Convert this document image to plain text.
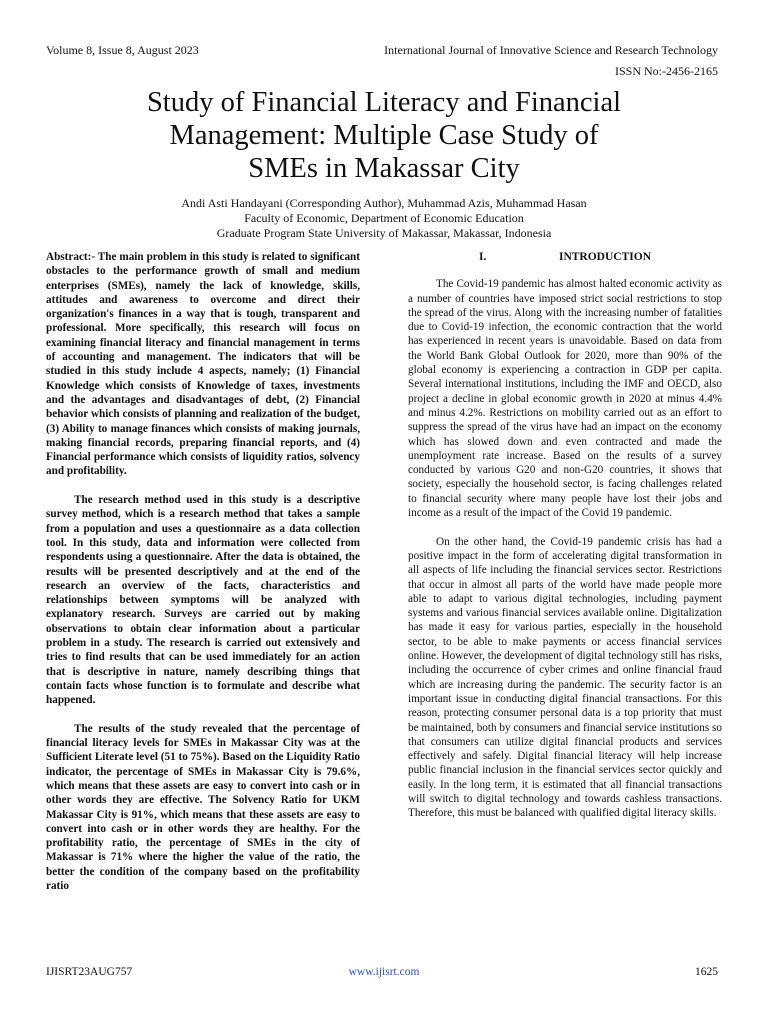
Volume 8, Issue 8, August 2023	International Journal of Innovative Science and Research Technology
ISSN No:-2456-2165
Study of Financial Literacy and Financial
Management: Multiple Case Study of
SMEs in Makassar City
Andi Asti Handayani (Corresponding Author), Muhammad Azis, Muhammad Hasan
Faculty of Economic, Department of Economic Education
Graduate Program State University of Makassar, Makassar, Indonesia

Abstract:- The main problem in this study is related to significant obstacles to the performance growth of small and medium enterprises (SMEs), namely the lack of knowledge, skills, attitudes and awareness to overcome and direct their organization's finances in a way that is tough, transparent and professional. More specifically, this research will focus on examining financial literacy and financial management in terms of accounting and management. The indicators that will be studied in this study include 4 aspects, namely; (1) Financial Knowledge which consists of Knowledge of taxes, investments and the advantages and disadvantages of debt, (2) Financial behavior which consists of planning and realization of the budget, (3) Ability to manage finances which consists of making journals, making financial records, preparing financial reports, and (4) Financial performance which consists of liquidity ratios, solvency and profitability.

The research method used in this study is a descriptive survey method, which is a research method that takes a sample from a population and uses a questionnaire as a data collection tool. In this study, data and information were collected from respondents using a questionnaire. After the data is obtained, the results will be presented descriptively and at the end of the research an overview of the facts, characteristics and relationships between symptoms will be analyzed with explanatory research. Surveys are carried out by making observations to obtain clear information about a particular problem in a study. The research is carried out extensively and tries to find results that can be used immediately for an action that is descriptive in nature, namely describing things that contain facts whose function is to formulate and describe what happened.

The results of the study revealed that the percentage of financial literacy levels for SMEs in Makassar City was at the Sufficient Literate level (51 to 75%). Based on the Liquidity Ratio indicator, the percentage of SMEs in Makassar City is 79.6%, which means that these assets are easy to convert into cash or in other words they are effective. The Solvency Ratio for UKM Makassar City is 91%, which means that these assets are easy to convert into cash or in other words they are healthy. For the profitability ratio, the percentage of SMEs in the city of Makassar is 71% where the higher the value of the ratio, the better the condition of the company based on the profitability ratio

I.	INTRODUCTION

The Covid-19 pandemic has almost halted economic activity as a number of countries have imposed strict social restrictions to stop the spread of the virus. Along with the increasing number of fatalities due to Covid-19 infection, the economic contraction that the world has experienced in recent years is unavoidable. Based on data from the World Bank Global Outlook for 2020, more than 90% of the global economy is experiencing a contraction in GDP per capita. Several international institutions, including the IMF and OECD, also project a decline in global economic growth in 2020 at minus 4.4% and minus 4.2%. Restrictions on mobility carried out as an effort to suppress the spread of the virus have had an impact on the economy which has slowed down and even contracted and made the unemployment rate increase. Based on the results of a survey conducted by various G20 and non-G20 countries, it shows that society, especially the household sector, is facing challenges related to financial security where many people have lost their jobs and income as a result of the impact of the Covid 19 pandemic.

On the other hand, the Covid-19 pandemic crisis has had a positive impact in the form of accelerating digital transformation in all aspects of life including the financial services sector. Restrictions that occur in almost all parts of the world have made people more able to adapt to various digital technologies, including payment systems and various financial services available online. Digitalization has made it easy for various parties, especially in the household sector, to be able to make payments or access financial services online. However, the development of digital technology still has risks, including the occurrence of cyber crimes and online financial fraud which are increasing during the pandemic. The security factor is an important issue in conducting digital financial transactions. For this reason, protecting consumer personal data is a top priority that must be maintained, both by consumers and financial service institutions so that consumers can utilize digital financial products and services effectively and safely. Digital financial literacy will help increase public financial inclusion in the financial services sector quickly and easily. In the long term, it is estimated that all financial transactions will switch to digital technology and towards cashless transactions. Therefore, this must be balanced with qualified digital literacy skills.

IJISRT23AUG757	www.ijisrt.com	1625
